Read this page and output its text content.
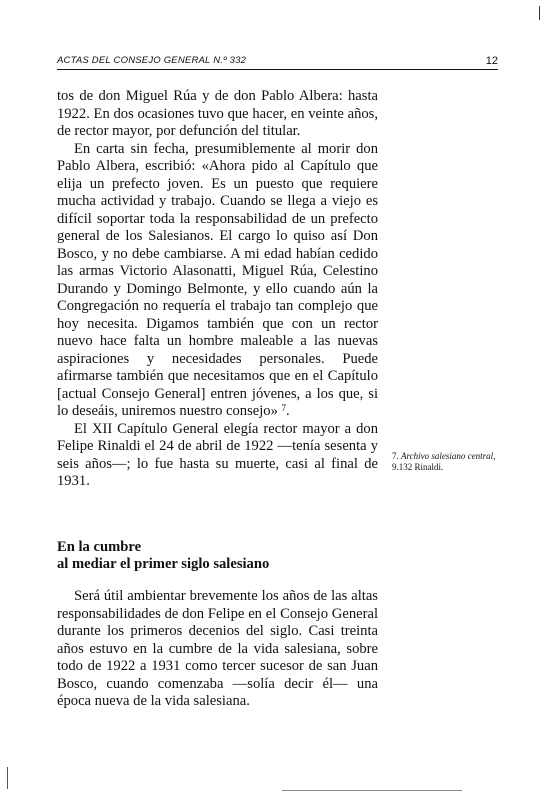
ACTAS DEL CONSEJO GENERAL N.º 332	12

tos de don Miguel Rúa y de don Pablo Albera: hasta 1922. En dos ocasiones tuvo que hacer, en veinte años, de rector mayor, por defunción del titular.

En carta sin fecha, presumiblemente al morir don Pablo Albera, escribió: «Ahora pido al Capítulo que elija un prefecto joven. Es un puesto que requiere mucha actividad y trabajo. Cuando se llega a viejo es difícil soportar toda la responsabilidad de un prefecto general de los Salesianos. El cargo lo quiso así Don Bosco, y no debe cambiarse. A mi edad habían cedido las armas Victorio Alasonatti, Miguel Rúa, Celestino Durando y Domingo Belmonte, y ello cuando aún la Congregación no requería el trabajo tan complejo que hoy necesita. Digamos también que con un rector nuevo hace falta un hombre maleable a las nuevas aspiraciones y necesidades personales. Puede afirmarse también que necesitamos que en el Capítulo [actual Consejo General] entren jóvenes, a los que, si lo deseáis, uniremos nuestro consejo» $^7$.

El XII Capítulo General elegía rector mayor a don Felipe Rinaldi el 24 de abril de 1922 —tenía sesenta y seis años—; lo fue hasta su muerte, casi al final de 1931.

7. Archivo salesiano central, 9.132 Rinaldi.
En la cumbre
al mediar el primer siglo salesiano

Será útil ambientar brevemente los años de las altas responsabilidades de don Felipe en el Consejo General durante los primeros decenios del siglo. Casi treinta años estuvo en la cumbre de la vida salesiana, sobre todo de 1922 a 1931 como tercer sucesor de san Juan Bosco, cuando comenzaba —solía decir él— una época nueva de la vida salesiana.
